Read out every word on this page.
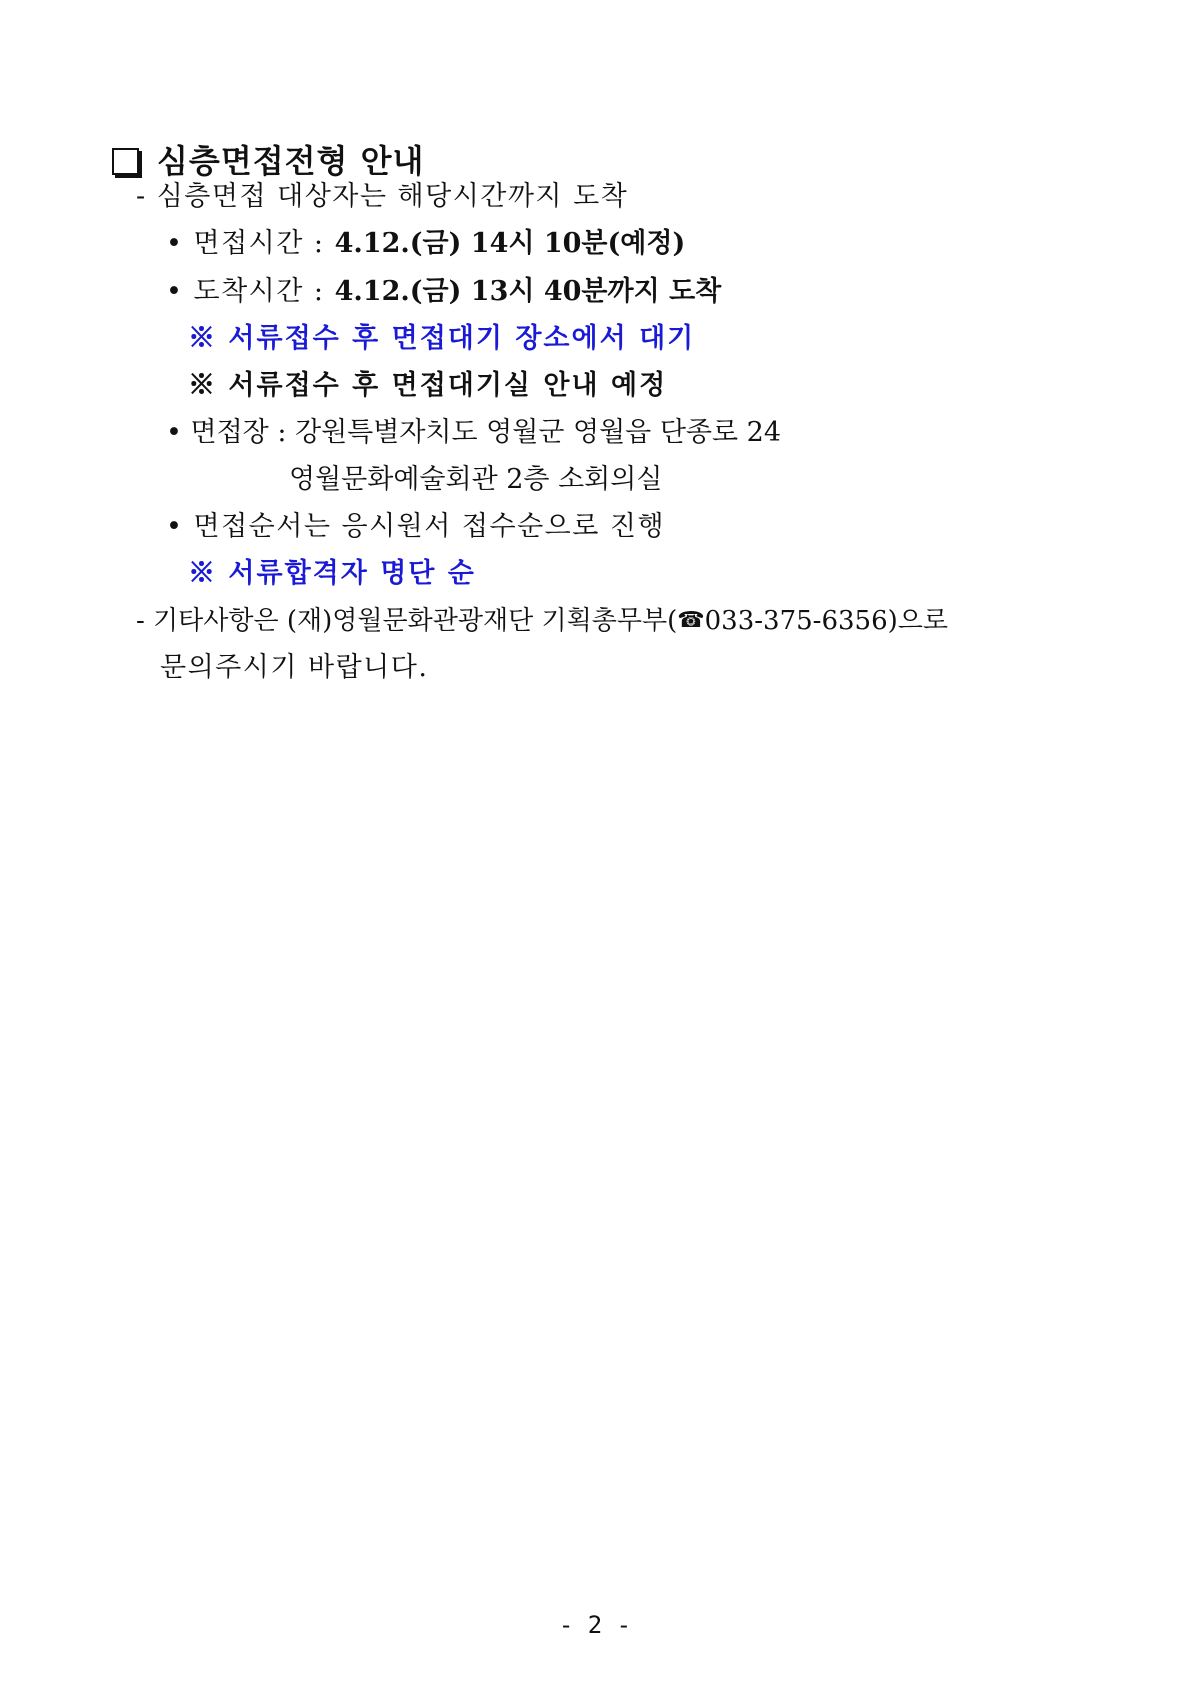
심층면접전형 안내
- 심층면접 대상자는 해당시간까지 도착
• 면접시간 : 4.12.(금) 14시 10분(예정)
• 도착시간 : 4.12.(금) 13시 40분까지 도착
※ 서류접수 후 면접대기 장소에서 대기
※ 서류접수 후 면접대기실 안내 예정
• 면접장 : 강원특별자치도 영월군 영월읍 단종로 24
영월문화예술회관 2층 소회의실
• 면접순서는 응시원서 접수순으로 진행
※ 서류합격자 명단 순
- 기타사항은 (재)영월문화관광재단 기획총무부(☎033-375-6356)으로
문의주시기 바랍니다.
- 2 -
